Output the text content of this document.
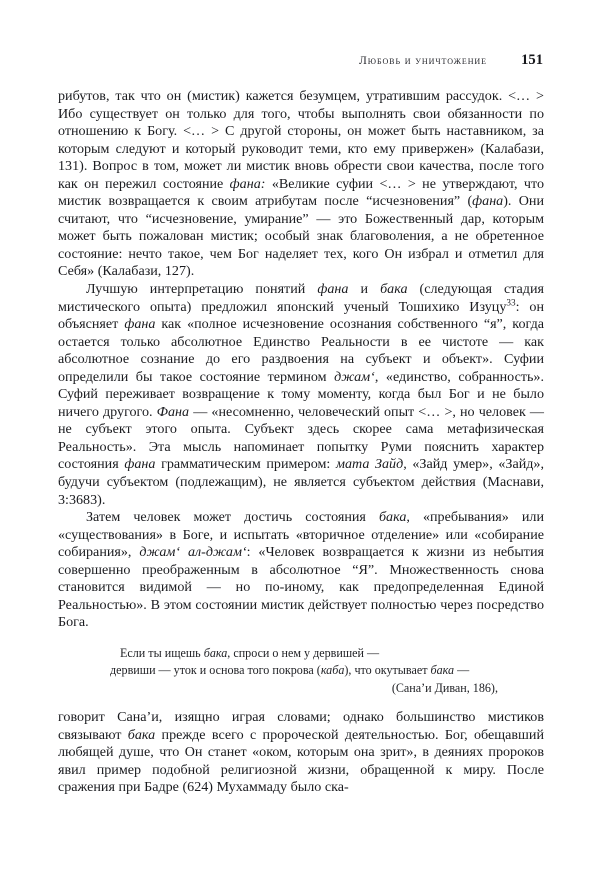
Любовь и уничтожение 151

рибутов, так что он (мистик) кажется безумцем, утратившим рассудок. <… > Ибо существует он только для того, чтобы выполнять свои обязанности по отношению к Богу. <… > С другой стороны, он может быть наставником, за которым следуют и который руководит теми, кто ему привержен» (Калабази, 131). Вопрос в том, может ли мистик вновь обрести свои качества, после того как он пережил состояние фана: «Великие суфии <… > не утверждают, что мистик возвращается к своим атрибутам после “исчезновения” (фана). Они считают, что “исчезновение, умирание” — это Божественный дар, которым может быть пожалован мистик; особый знак благоволения, а не обретенное состояние: нечто такое, чем Бог наделяет тех, кого Он избрал и отметил для Себя» (Калабази, 127).

Лучшую интерпретацию понятий фана и бака (следующая стадия мистического опыта) предложил японский ученый Тошихико Изуцу$^{33}$: он объясняет фана как «полное исчезновение осознания собственного “я”, когда остается только абсолютное Единство Реальности в ее чистоте — как абсолютное сознание до его раздвоения на субъект и объект». Суфии определили бы такое состояние термином джам‘, «единство, собранность». Суфий переживает возвращение к тому моменту, когда был Бог и не было ничего другого. Фана — «несомненно, человеческий опыт <… >, но человек — не субъект этого опыта. Субъект здесь скорее сама метафизическая Реальность». Эта мысль напоминает попытку Руми пояснить характер состояния фана грамматическим примером: мата Зайд, «Зайд умер», «Зайд», будучи субъектом (подлежащим), не является субъектом действия (Маснави, 3:3683).

Затем человек может достичь состояния бака, «пребывания» или «существования» в Боге, и испытать «вторичное отделение» или «собирание собирания», джам‘ ал-джам‘: «Человек возвращается к жизни из небытия совершенно преображенным в абсолютное “Я”. Множественность снова становится видимой — но по-иному, как предопределенная Единой Реальностью». В этом состоянии мистик действует полностью через посредство Бога.

Если ты ищешь бака, спроси о нем у дервишей —
дервиши — уток и основа того покрова (каба), что окутывает бака —
(Сана’и Диван, 186),

говорит Сана’и, изящно играя словами; однако большинство мистиков связывают бака прежде всего с пророческой деятельностью. Бог, обещавший любящей душе, что Он станет «оком, которым она зрит», в деяниях пророков явил пример подобной религиозной жизни, обращенной к миру. После сражения при Бадре (624) Мухаммаду было ска-
